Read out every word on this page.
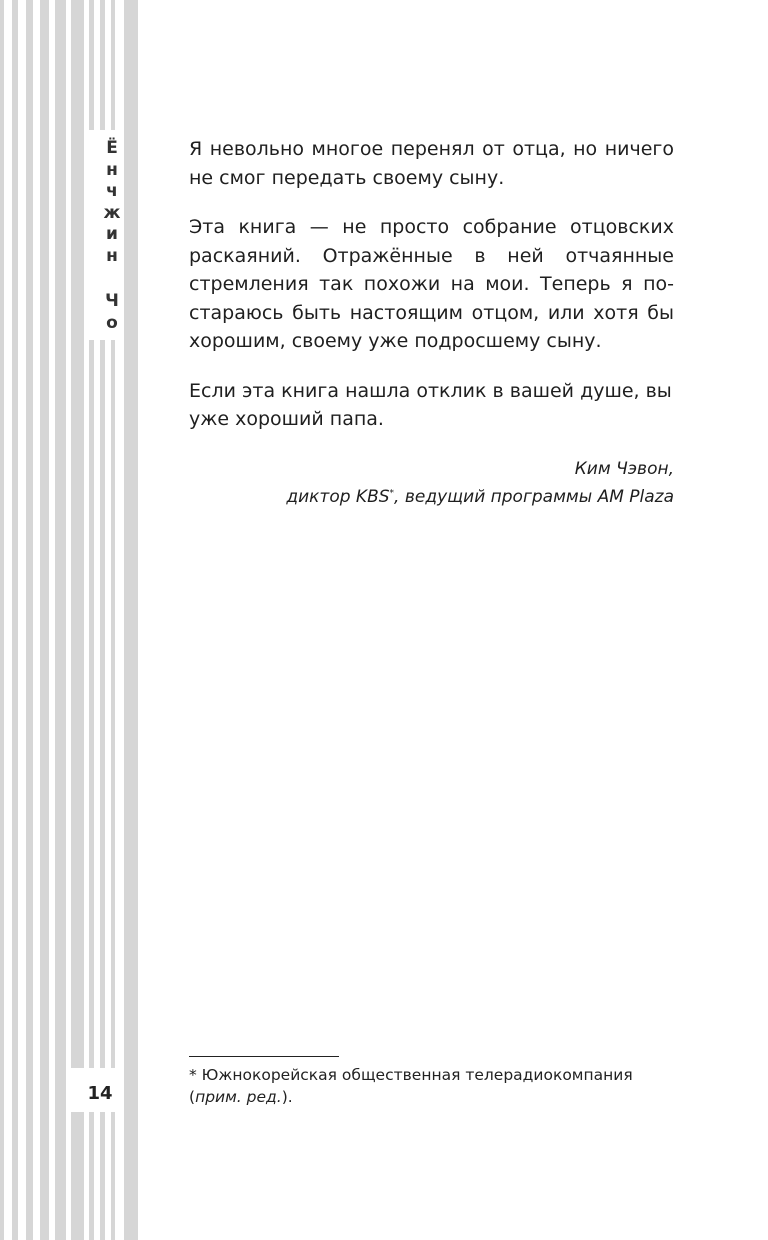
Ё
н
ч
ж
и
н
Ч
о

Я невольно многое перенял от отца, но ничего не смог передать своему сыну.

Эта книга — не просто собрание отцовских раскаяний. Отражённые в ней отчаянные стремления так похожи на мои. Теперь я по-стараюсь быть настоящим отцом, или хотя бы хорошим, своему уже подросшему сыну.

Если эта книга нашла отклик в вашей душе, вы уже хороший папа.

Ким Чэвон,
диктор KBS*, ведущий программы AM Plaza
* Южнокорейская общественная телерадиокомпания
(прим. ред.).
14
